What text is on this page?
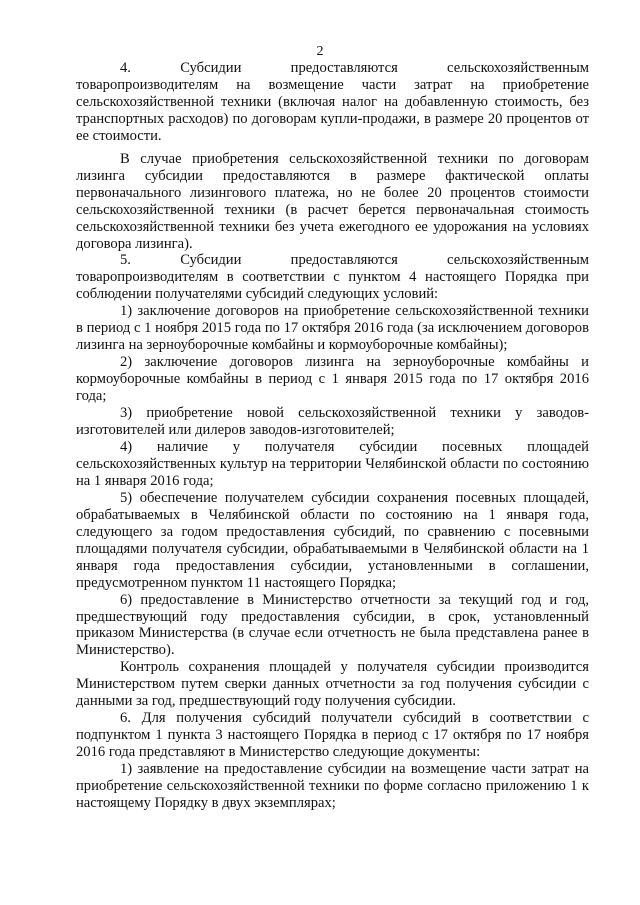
2

4. Субсидии предоставляются сельскохозяйственным товаропроизводителям на возмещение части затрат на приобретение сельскохозяйственной техники (включая налог на добавленную стоимость, без транспортных расходов) по договорам купли-продажи, в размере 20 процентов от ее стоимости.

В случае приобретения сельскохозяйственной техники по договорам лизинга субсидии предоставляются в размере фактической оплаты первоначального лизингового платежа, но не более 20 процентов стоимости сельскохозяйственной техники (в расчет берется первоначальная стоимость сельскохозяйственной техники без учета ежегодного ее удорожания на условиях договора лизинга).

5. Субсидии предоставляются сельскохозяйственным товаропроизводителям в соответствии с пунктом 4 настоящего Порядка при соблюдении получателями субсидий следующих условий:

1) заключение договоров на приобретение сельскохозяйственной техники в период с 1 ноября 2015 года по 17 октября 2016 года (за исключением договоров лизинга на зерноуборочные комбайны и кормоуборочные комбайны);

2) заключение договоров лизинга на зерноуборочные комбайны и кормоуборочные комбайны в период с 1 января 2015 года по 17 октября 2016 года;

3) приобретение новой сельскохозяйственной техники у заводов-изготовителей или дилеров заводов-изготовителей;

4) наличие у получателя субсидии посевных площадей сельскохозяйственных культур на территории Челябинской области по состоянию на 1 января 2016 года;

5) обеспечение получателем субсидии сохранения посевных площадей, обрабатываемых в Челябинской области по состоянию на 1 января года, следующего за годом предоставления субсидий, по сравнению с посевными площадями получателя субсидии, обрабатываемыми в Челябинской области на 1 января года предоставления субсидии, установленными в соглашении, предусмотренном пунктом 11 настоящего Порядка;

6) предоставление в Министерство отчетности за текущий год и год, предшествующий году предоставления субсидии, в срок, установленный приказом Министерства (в случае если отчетность не была представлена ранее в Министерство).

Контроль сохранения площадей у получателя субсидии производится Министерством путем сверки данных отчетности за год получения субсидии с данными за год, предшествующий году получения субсидии.

6. Для получения субсидий получатели субсидий в соответствии с подпунктом 1 пункта 3 настоящего Порядка в период с 17 октября по 17 ноября 2016 года представляют в Министерство следующие документы:

1) заявление на предоставление субсидии на возмещение части затрат на приобретение сельскохозяйственной техники по форме согласно приложению 1 к настоящему Порядку в двух экземплярах;
